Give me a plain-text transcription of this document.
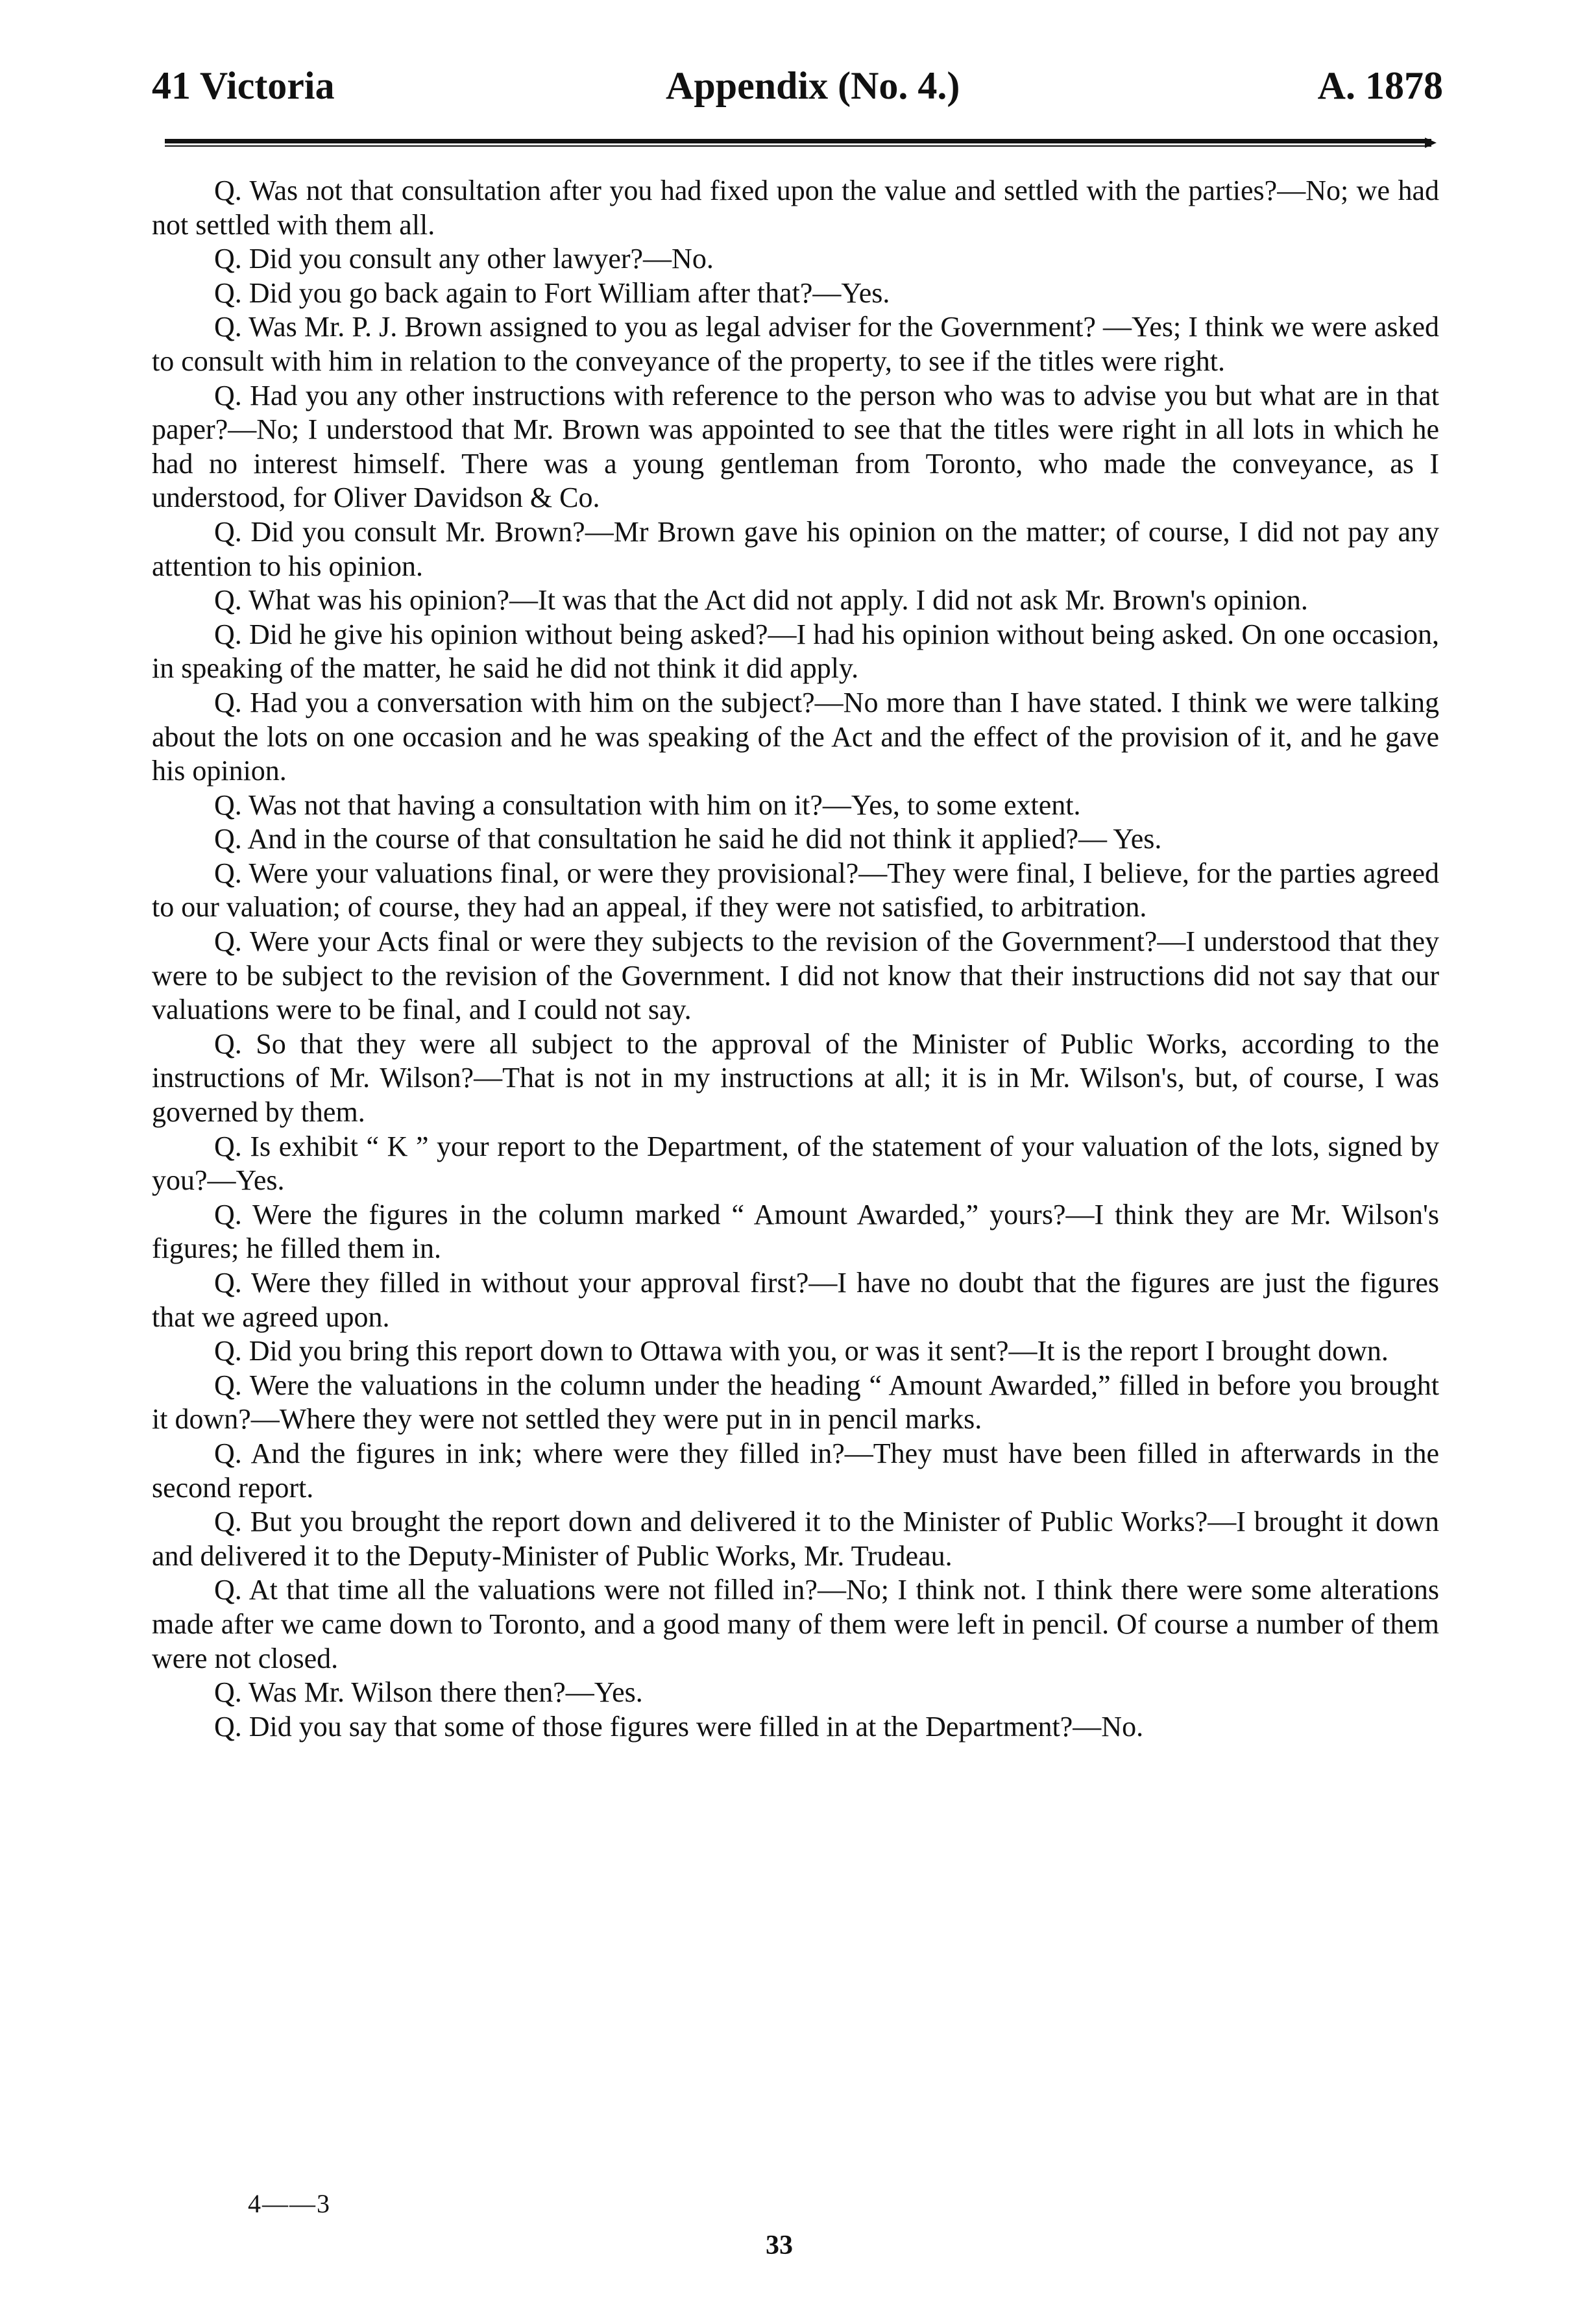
41 Victoria	Appendix (No. 4.)	A. 1878

Q. Was not that consultation after you had fixed upon the value and settled with the parties?—No; we had not settled with them all.

Q. Did you consult any other lawyer?—No.

Q. Did you go back again to Fort William after that?—Yes.

Q. Was Mr. P. J. Brown assigned to you as legal adviser for the Government? —Yes; I think we were asked to consult with him in relation to the conveyance of the property, to see if the titles were right.

Q. Had you any other instructions with reference to the person who was to advise you but what are in that paper?—No; I understood that Mr. Brown was appointed to see that the titles were right in all lots in which he had no interest himself. There was a young gentleman from Toronto, who made the conveyance, as I understood, for Oliver Davidson & Co.

Q. Did you consult Mr. Brown?—Mr Brown gave his opinion on the matter; of course, I did not pay any attention to his opinion.

Q. What was his opinion?—It was that the Act did not apply. I did not ask Mr. Brown's opinion.

Q. Did he give his opinion without being asked?—I had his opinion without being asked. On one occasion, in speaking of the matter, he said he did not think it did apply.

Q. Had you a conversation with him on the subject?—No more than I have stated. I think we were talking about the lots on one occasion and he was speaking of the Act and the effect of the provision of it, and he gave his opinion.

Q. Was not that having a consultation with him on it?—Yes, to some extent.

Q. And in the course of that consultation he said he did not think it applied?— Yes.

Q. Were your valuations final, or were they provisional?—They were final, I believe, for the parties agreed to our valuation; of course, they had an appeal, if they were not satisfied, to arbitration.

Q. Were your Acts final or were they subjects to the revision of the Government?—I understood that they were to be subject to the revision of the Government. I did not know that their instructions did not say that our valuations were to be final, and I could not say.

Q. So that they were all subject to the approval of the Minister of Public Works, according to the instructions of Mr. Wilson?—That is not in my instructions at all; it is in Mr. Wilson's, but, of course, I was governed by them.

Q. Is exhibit “ K ” your report to the Department, of the statement of your valuation of the lots, signed by you?—Yes.

Q. Were the figures in the column marked “ Amount Awarded,” yours?—I think they are Mr. Wilson's figures; he filled them in.

Q. Were they filled in without your approval first?—I have no doubt that the figures are just the figures that we agreed upon.

Q. Did you bring this report down to Ottawa with you, or was it sent?—It is the report I brought down.

Q. Were the valuations in the column under the heading “ Amount Awarded,” filled in before you brought it down?—Where they were not settled they were put in in pencil marks.

Q. And the figures in ink; where were they filled in?—They must have been filled in afterwards in the second report.

Q. But you brought the report down and delivered it to the Minister of Public Works?—I brought it down and delivered it to the Deputy-Minister of Public Works, Mr. Trudeau.

Q. At that time all the valuations were not filled in?—No; I think not. I think there were some alterations made after we came down to Toronto, and a good many of them were left in pencil. Of course a number of them were not closed.

Q. Was Mr. Wilson there then?—Yes.

Q. Did you say that some of those figures were filled in at the Department?—No.

4——3
33
